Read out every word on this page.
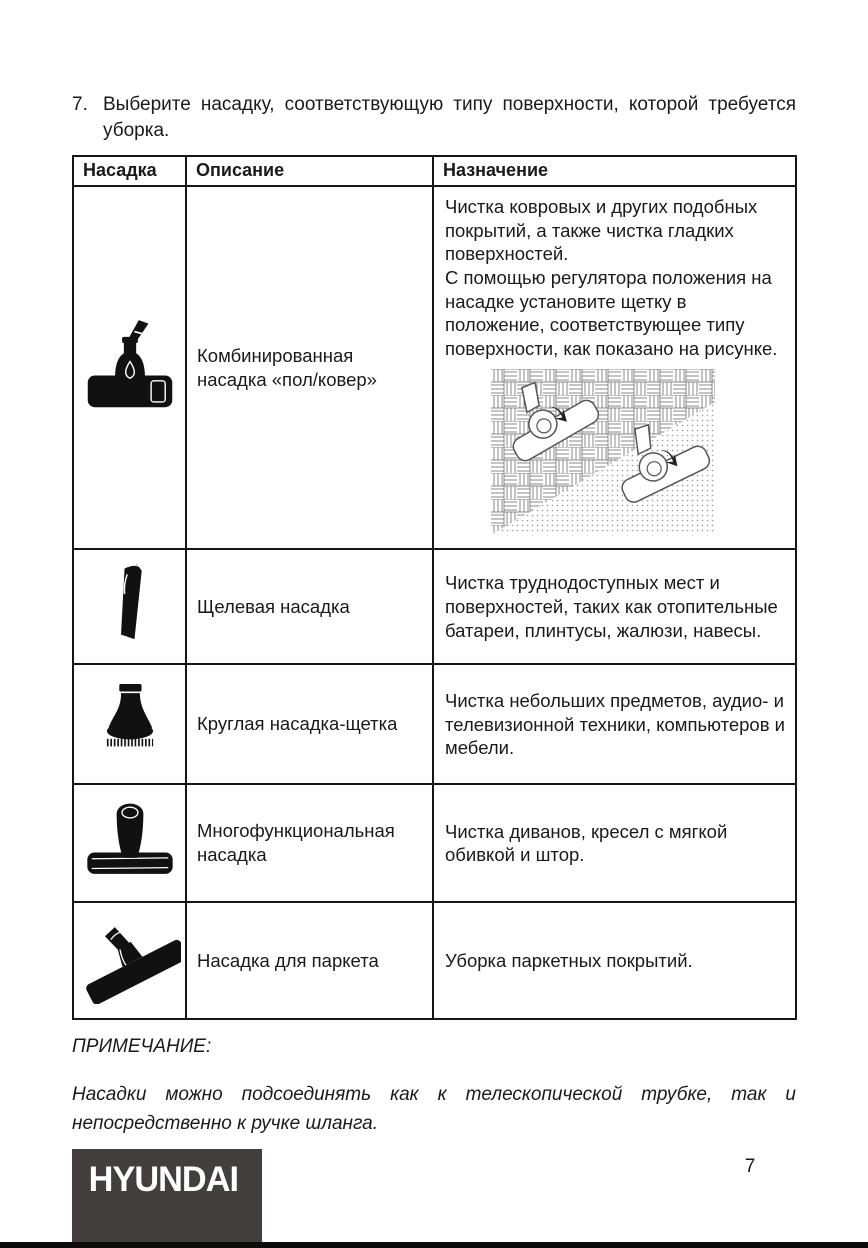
7. Выберите насадку, соответствующую типу поверхности, которой требуется уборка.
Насадка	Описание	Назначение
	Комбинированная насадка «пол/ковер»	Чистка ковровых и других подобных покрытий, а также чистка гладких поверхностей.

С помощью регулятора положения на насадке установите щетку в положение, соответствующее типу поверхности, как показано на рисунке.

	Щелевая насадка	Чистка труднодоступных мест и поверхностей, таких как отопительные батареи, плинтусы, жалюзи, навесы.

	Круглая насадка-щетка	Чистка небольших предметов, аудио- и телевизионной техники, компьютеров и мебели.

	Многофункциональная насадка	Чистка диванов, кресел с мягкой обивкой и штор.

	Насадка для паркета	Уборка паркетных покрытий.

ПРИМЕЧАНИЕ:
Насадки можно подсоединять как к телескопической трубке, так и непосредственно к ручке шланга.
HYUNDAI	7
